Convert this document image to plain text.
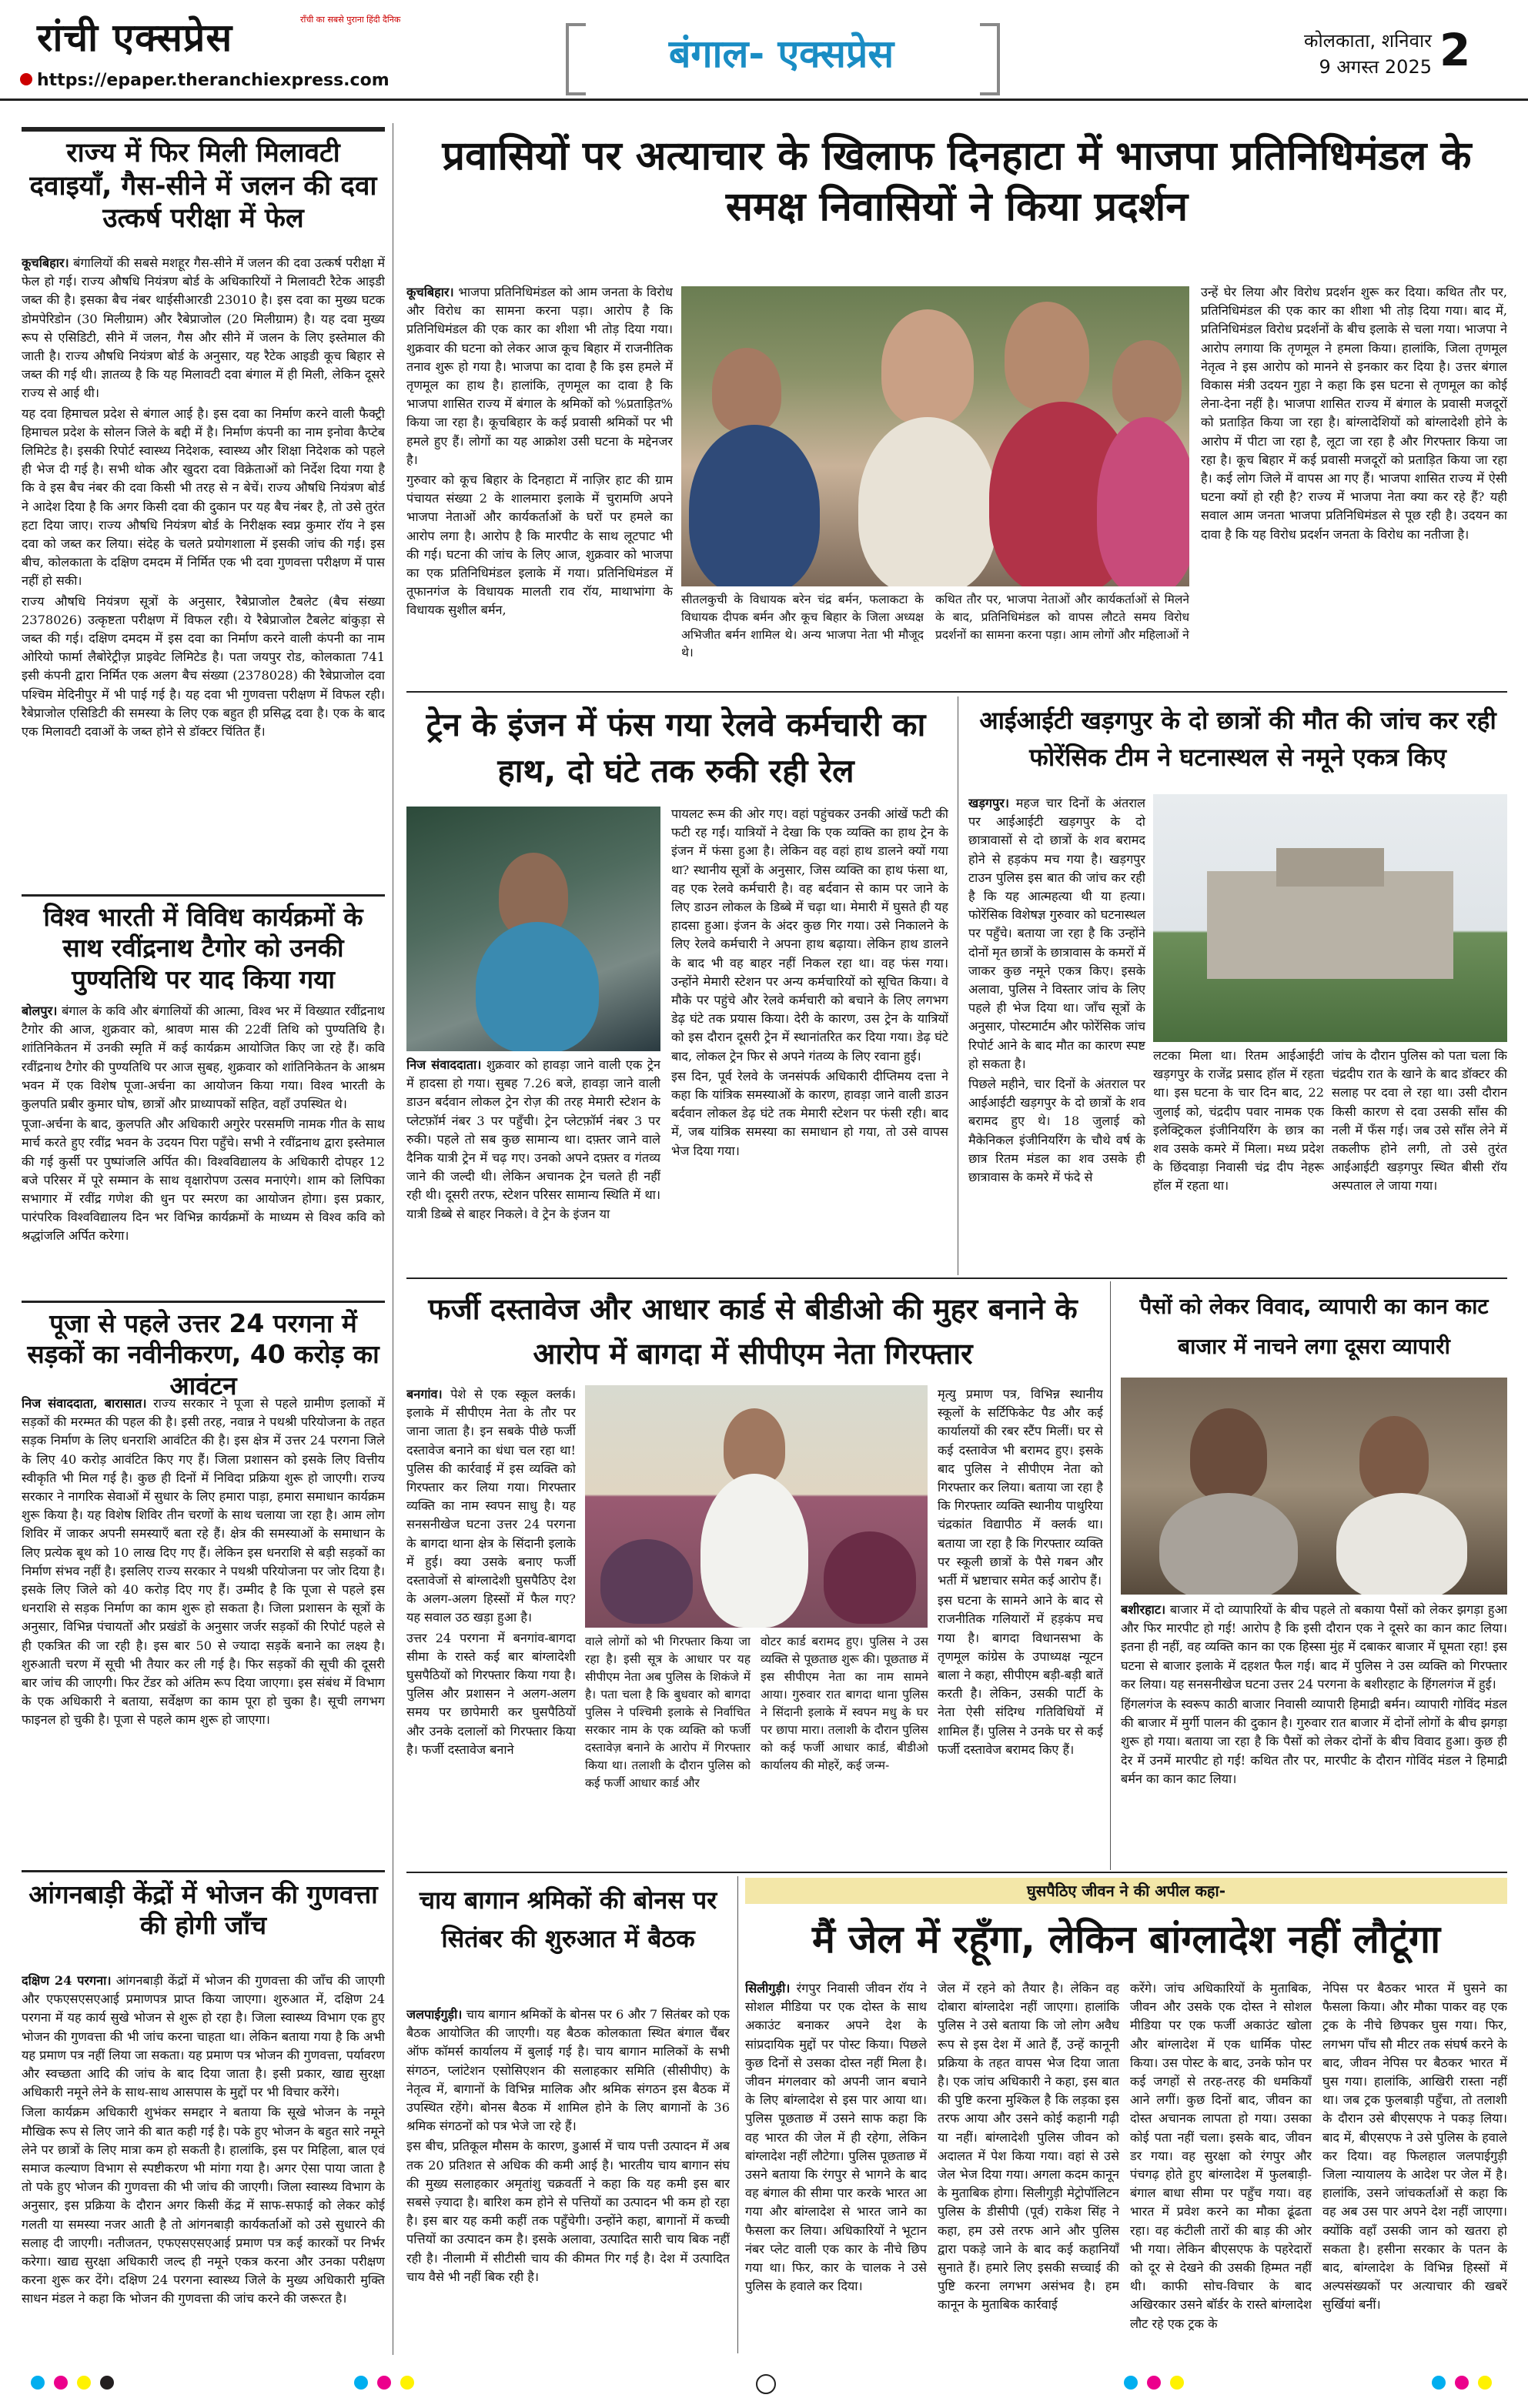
रांची एक्सप्रेस	राँची का सबसे पुराना हिंदी दैनिक
https://epaper.theranchiexpress.com
बंगाल- एक्सप्रेस	कोलकाता, शनिवार
9 अगस्त 2025 2
राज्य में फिर मिली मिलावटी दवाइयाँ, गैस-सीने में जलन की दवा उत्कर्ष परीक्षा में फेल

कूचबिहार। बंगालियों की सबसे मशहूर गैस-सीने में जलन की दवा उत्कर्ष परीक्षा में फेल हो गई। राज्य औषधि नियंत्रण बोर्ड के अधिकारियों ने मिलावटी रैटेक आइडी जब्त की है। इसका बैच नंबर थाईसीआरडी 23010 है। इस दवा का मुख्य घटक डोमपेरिडोन (30 मिलीग्राम) और रैबेप्राजोल (20 मिलीग्राम) है। यह दवा मुख्य रूप से एसिडिटी, सीने में जलन, गैस और सीने में जलन के लिए इस्तेमाल की जाती है। राज्य औषधि नियंत्रण बोर्ड के अनुसार, यह रैटेक आइडी कूच बिहार से जब्त की गई थी। ज्ञातव्य है कि यह मिलावटी दवा बंगाल में ही मिली, लेकिन दूसरे राज्य से आई थी।

यह दवा हिमाचल प्रदेश से बंगाल आई है। इस दवा का निर्माण करने वाली फैक्ट्री हिमाचल प्रदेश के सोलन जिले के बद्दी में है। निर्माण कंपनी का नाम इनोवा कैप्टेब लिमिटेड है। इसकी रिपोर्ट स्वास्थ्य निदेशक, स्वास्थ्य और शिक्षा निदेशक को पहले ही भेज दी गई है। सभी थोक और खुदरा दवा विक्रेताओं को निर्देश दिया गया है कि वे इस बैच नंबर की दवा किसी भी तरह से न बेचें। राज्य औषधि नियंत्रण बोर्ड ने आदेश दिया है कि अगर किसी दवा की दुकान पर यह बैच नंबर है, तो उसे तुरंत हटा दिया जाए। राज्य औषधि नियंत्रण बोर्ड के निरीक्षक स्वप्न कुमार रॉय ने इस दवा को जब्त कर लिया। संदेह के चलते प्रयोगशाला में इसकी जांच की गई। इस बीच, कोलकाता के दक्षिण दमदम में निर्मित एक भी दवा गुणवत्ता परीक्षण में पास नहीं हो सकी।

राज्य औषधि नियंत्रण सूत्रों के अनुसार, रैबेप्राजोल टैबलेट (बैच संख्या 2378026) उत्कृष्टता परीक्षण में विफल रही। ये रैबेप्राजोल टैबलेट बांकुड़ा से जब्त की गई। दक्षिण दमदम में इस दवा का निर्माण करने वाली कंपनी का नाम ओरियो फार्मा लैबोरेट्रीज़ प्राइवेट लिमिटेड है। पता जयपुर रोड, कोलकाता 741 इसी कंपनी द्वारा निर्मित एक अलग बैच संख्या (2378028) की रैबेप्राजोल दवा पश्चिम मेदिनीपुर में भी पाई गई है। यह दवा भी गुणवत्ता परीक्षण में विफल रही। रैबेप्राजोल एसिडिटी की समस्या के लिए एक बहुत ही प्रसिद्ध दवा है। एक के बाद एक मिलावटी दवाओं के जब्त होने से डॉक्टर चिंतित हैं।

विश्व भारती में विविध कार्यक्रमों के साथ रवींद्रनाथ टैगोर को उनकी पुण्यतिथि पर याद किया गया

बोलपुर। बंगाल के कवि और बंगालियों की आत्मा, विश्व भर में विख्यात रवींद्रनाथ टैगोर की आज, शुक्रवार को, श्रावण मास की 22वीं तिथि को पुण्यतिथि है। शांतिनिकेतन में उनकी स्मृति में कई कार्यक्रम आयोजित किए जा रहे हैं। कवि रवींद्रनाथ टैगोर की पुण्यतिथि पर आज सुबह, शुक्रवार को शांतिनिकेतन के आश्रम भवन में एक विशेष पूजा-अर्चना का आयोजन किया गया। विश्व भारती के कुलपति प्रबीर कुमार घोष, छात्रों और प्राध्यापकों सहित, वहाँ उपस्थित थे।

पूजा-अर्चना के बाद, कुलपति और अधिकारी अगुरेर परसमणि नामक गीत के साथ मार्च करते हुए रवींद्र भवन के उदयन पिरा पहुँचे। सभी ने रवींद्रनाथ द्वारा इस्तेमाल की गई कुर्सी पर पुष्पांजलि अर्पित की। विश्वविद्यालय के अधिकारी दोपहर 12 बजे परिसर में पूरे सम्मान के साथ वृक्षारोपण उत्सव मनाएंगे। शाम को लिपिका सभागार में रवींद्र गणेश की धुन पर स्मरण का आयोजन होगा। इस प्रकार, पारंपरिक विश्वविद्यालय दिन भर विभिन्न कार्यक्रमों के माध्यम से विश्व कवि को श्रद्धांजलि अर्पित करेगा।

पूजा से पहले उत्तर 24 परगना में सड़कों का नवीनीकरण, 40 करोड़ का आवंटन

निज संवाददाता, बारासात। राज्य सरकार ने पूजा से पहले ग्रामीण इलाकों में सड़कों की मरम्मत की पहल की है। इसी तरह, नवान्न ने पथश्री परियोजना के तहत सड़क निर्माण के लिए धनराशि आवंटित की है। इस क्षेत्र में उत्तर 24 परगना जिले के लिए 40 करोड़ आवंटित किए गए हैं। जिला प्रशासन को इसके लिए वित्तीय स्वीकृति भी मिल गई है। कुछ ही दिनों में निविदा प्रक्रिया शुरू हो जाएगी। राज्य सरकार ने नागरिक सेवाओं में सुधार के लिए हमारा पाड़ा, हमारा समाधान कार्यक्रम शुरू किया है। यह विशेष शिविर तीन चरणों के साथ चलाया जा रहा है। आम लोग शिविर में जाकर अपनी समस्याएँ बता रहे हैं। क्षेत्र की समस्याओं के समाधान के लिए प्रत्येक बूथ को 10 लाख दिए गए हैं। लेकिन इस धनराशि से बड़ी सड़कों का निर्माण संभव नहीं है। इसलिए राज्य सरकार ने पथश्री परियोजना पर जोर दिया है। इसके लिए जिले को 40 करोड़ दिए गए हैं। उम्मीद है कि पूजा से पहले इस धनराशि से सड़क निर्माण का काम शुरू हो सकता है। जिला प्रशासन के सूत्रों के अनुसार, विभिन्न पंचायतों और प्रखंडों के अनुसार जर्जर सड़कों की रिपोर्ट पहले से ही एकत्रित की जा रही है। इस बार 50 से ज्यादा सड़कें बनाने का लक्ष्य है। शुरुआती चरण में सूची भी तैयार कर ली गई है। फिर सड़कों की सूची की दूसरी बार जांच की जाएगी। फिर टेंडर को अंतिम रूप दिया जाएगा। इस संबंध में विभाग के एक अधिकारी ने बताया, सर्वेक्षण का काम पूरा हो चुका है। सूची लगभग फाइनल हो चुकी है। पूजा से पहले काम शुरू हो जाएगा।

आंगनबाड़ी केंद्रों में भोजन की गुणवत्ता की होगी जाँच

दक्षिण 24 परगना। आंगनबाड़ी केंद्रों में भोजन की गुणवत्ता की जाँच की जाएगी और एफएसएसएआई प्रमाणपत्र प्राप्त किया जाएगा। शुरुआत में, दक्षिण 24 परगना में यह कार्य सुखे भोजन से शुरू हो रहा है। जिला स्वास्थ्य विभाग एक हुए भोजन की गुणवत्ता की भी जांच करना चाहता था। लेकिन बताया गया है कि अभी यह प्रमाण पत्र नहीं लिया जा सकता। यह प्रमाण पत्र भोजन की गुणवत्ता, पर्यावरण और स्वच्छता आदि की जांच के बाद दिया जाता है। इसी प्रकार, खाद्य सुरक्षा अधिकारी नमूने लेने के साथ-साथ आसपास के मुद्दों पर भी विचार करेंगे।

जिला कार्यक्रम अधिकारी शुभंकर समद्दार ने बताया कि सूखे भोजन के नमूने मौखिक रूप से लिए जाने की बात कही गई है। पके हुए भोजन के बहुत सारे नमूने लेने पर छात्रों के लिए मात्रा कम हो सकती है। हालांकि, इस पर मिहिला, बाल एवं समाज कल्याण विभाग से स्पष्टीकरण भी मांगा गया है। अगर ऐसा पाया जाता है तो पके हुए भोजन की गुणवत्ता की भी जांच की जाएगी। जिला स्वास्थ्य विभाग के अनुसार, इस प्रक्रिया के दौरान अगर किसी केंद्र में साफ-सफाई को लेकर कोई गलती या समस्या नजर आती है तो आंगनबाड़ी कार्यकर्ताओं को उसे सुधारने की सलाह दी जाएगी। नतीजतन, एफएसएसएआई प्रमाण पत्र कई कारकों पर निर्भर करेगा। खाद्य सुरक्षा अधिकारी जल्द ही नमूने एकत्र करना और उनका परीक्षण करना शुरू कर देंगे। दक्षिण 24 परगना स्वास्थ्य जिले के मुख्य अधिकारी मुक्ति साधन मंडल ने कहा कि भोजन की गुणवत्ता की जांच करने की जरूरत है।

प्रवासियों पर अत्याचार के खिलाफ दिनहाटा में भाजपा प्रतिनिधिमंडल के समक्ष निवासियों ने किया प्रदर्शन

कूचबिहार। भाजपा प्रतिनिधिमंडल को आम जनता के विरोध और विरोध का सामना करना पड़ा। आरोप है कि प्रतिनिधिमंडल की एक कार का शीशा भी तोड़ दिया गया। शुक्रवार की घटना को लेकर आज कूच बिहार में राजनीतिक तनाव शुरू हो गया है। भाजपा का दावा है कि इस हमले में तृणमूल का हाथ है। हालांकि, तृणमूल का दावा है कि भाजपा शासित राज्य में बंगाल के श्रमिकों को %प्रताड़ित% किया जा रहा है। कूचबिहार के कई प्रवासी श्रमिकों पर भी हमले हुए हैं। लोगों का यह आक्रोश उसी घटना के मद्देनजर है।

गुरुवार को कूच बिहार के दिनहाटा में नाज़िर हाट की ग्राम पंचायत संख्या 2 के शालमारा इलाके में चुरामणि अपने भाजपा नेताओं और कार्यकर्ताओं के घरों पर हमले का आरोप लगा है। आरोप है कि मारपीट के साथ लूटपाट भी की गई। घटना की जांच के लिए आज, शुक्रवार को भाजपा का एक प्रतिनिधिमंडल इलाके में गया। प्रतिनिधिमंडल में तूफानगंज के विधायक मालती राव रॉय, माथाभांगा के विधायक सुशील बर्मन,

सीतलकुची के विधायक बरेन चंद्र बर्मन, फलाकटा के विधायक दीपक बर्मन और कूच बिहार के जिला अध्यक्ष अभिजीत बर्मन शामिल थे। अन्य भाजपा नेता भी मौजूद थे।
कथित तौर पर, भाजपा नेताओं और कार्यकर्ताओं से मिलने के बाद, प्रतिनिधिमंडल को वापस लौटते समय विरोध प्रदर्शनों का सामना करना पड़ा। आम लोगों और महिलाओं ने
उन्हें घेर लिया और विरोध प्रदर्शन शुरू कर दिया। कथित तौर पर, प्रतिनिधिमंडल की एक कार का शीशा भी तोड़ दिया गया। बाद में, प्रतिनिधिमंडल विरोध प्रदर्शनों के बीच इलाके से चला गया। भाजपा ने आरोप लगाया कि तृणमूल ने हमला किया। हालांकि, जिला तृणमूल नेतृत्व ने इस आरोप को मानने से इनकार कर दिया है। उत्तर बंगाल विकास मंत्री उदयन गुहा ने कहा कि इस घटना से तृणमूल का कोई लेना-देना नहीं है। भाजपा शासित राज्य में बंगाल के प्रवासी मजदूरों को प्रताड़ित किया जा रहा है। बांग्लादेशियों को बांग्लादेशी होने के आरोप में पीटा जा रहा है, लूटा जा रहा है और गिरफ्तार किया जा रहा है। कूच बिहार में कई प्रवासी मजदूरों को प्रताड़ित किया जा रहा है। कई लोग जिले में वापस आ गए हैं। भाजपा शासित राज्य में ऐसी घटना क्यों हो रही है? राज्य में भाजपा नेता क्या कर रहे हैं? यही सवाल आम जनता भाजपा प्रतिनिधिमंडल से पूछ रही है। उदयन का दावा है कि यह विरोध प्रदर्शन जनता के विरोध का नतीजा है।
ट्रेन के इंजन में फंस गया रेलवे कर्मचारी का हाथ, दो घंटे तक रुकी रही रेल

निज संवाददाता। शुक्रवार को हावड़ा जाने वाली एक ट्रेन में हादसा हो गया। सुबह 7.26 बजे, हावड़ा जाने वाली डाउन बर्दवान लोकल ट्रेन रोज़ की तरह मेमारी स्टेशन के प्लेटफ़ॉर्म नंबर 3 पर पहुँची। ट्रेन प्लेटफ़ॉर्म नंबर 3 पर रुकी। पहले तो सब कुछ सामान्य था। दफ़्तर जाने वाले दैनिक यात्री ट्रेन में चढ़ गए। उनको अपने दफ़्तर व गंतव्य जाने की जल्दी थी। लेकिन अचानक ट्रेन चलते ही नहीं रही थी। दूसरी तरफ, स्टेशन परिसर सामान्य स्थिति में था। यात्री डिब्बे से बाहर निकले। वे ट्रेन के इंजन या

पायलट रूम की ओर गए। वहां पहुंचकर उनकी आंखें फटी की फटी रह गईं। यात्रियों ने देखा कि एक व्यक्ति का हाथ ट्रेन के इंजन में फंसा हुआ है। लेकिन वह वहां हाथ डालने क्यों गया था? स्थानीय सूत्रों के अनुसार, जिस व्यक्ति का हाथ फंसा था, वह एक रेलवे कर्मचारी है। वह बर्दवान से काम पर जाने के लिए डाउन लोकल के डिब्बे में चढ़ा था। मेमारी में घुसते ही यह हादसा हुआ। इंजन के अंदर कुछ गिर गया। उसे निकालने के लिए रेलवे कर्मचारी ने अपना हाथ बढ़ाया। लेकिन हाथ डालने के बाद भी वह बाहर नहीं निकल रहा था। वह फंस गया। उन्होंने मेमारी स्टेशन पर अन्य कर्मचारियों को सूचित किया। वे मौके पर पहुंचे और रेलवे कर्मचारी को बचाने के लिए लगभग डेढ़ घंटे तक प्रयास किया। देरी के कारण, उस ट्रेन के यात्रियों को इस दौरान दूसरी ट्रेन में स्थानांतरित कर दिया गया। डेढ़ घंटे बाद, लोकल ट्रेन फिर से अपने गंतव्य के लिए रवाना हुई।

इस दिन, पूर्व रेलवे के जनसंपर्क अधिकारी दीप्तिमय दत्ता ने कहा कि यांत्रिक समस्याओं के कारण, हावड़ा जाने वाली डाउन बर्दवान लोकल डेढ़ घंटे तक मेमारी स्टेशन पर फंसी रही। बाद में, जब यांत्रिक समस्या का समाधान हो गया, तो उसे वापस भेज दिया गया।

आईआईटी खड़गपुर के दो छात्रों की मौत की जांच कर रही फोरेंसिक टीम ने घटनास्थल से नमूने एकत्र किए

खड़गपुर। महज चार दिनों के अंतराल पर आईआईटी खड़गपुर के दो छात्रावासों से दो छात्रों के शव बरामद होने से हड़कंप मच गया है। खड़गपुर टाउन पुलिस इस बात की जांच कर रही है कि यह आत्महत्या थी या हत्या। फोरेंसिक विशेषज्ञ गुरुवार को घटनास्थल पर पहुँचे। बताया जा रहा है कि उन्होंने दोनों मृत छात्रों के छात्रावास के कमरों में जाकर कुछ नमूने एकत्र किए। इसके अलावा, पुलिस ने विस्तार जांच के लिए पहले ही भेज दिया था। जाँच सूत्रों के अनुसार, पोस्टमार्टम और फोरेंसिक जांच रिपोर्ट आने के बाद मौत का कारण स्पष्ट हो सकता है।

पिछले महीने, चार दिनों के अंतराल पर आईआईटी खड़गपुर के दो छात्रों के शव बरामद हुए थे। 18 जुलाई को मैकेनिकल इंजीनियरिंग के चौथे वर्ष के छात्र रितम मंडल का शव उसके ही छात्रावास के कमरे में फंदे से

लटका मिला था। रितम आईआईटी खड़गपुर के राजेंद्र प्रसाद हॉल में रहता था। इस घटना के चार दिन बाद, 22 जुलाई को, चंद्रदीप पवार नामक एक इलेक्ट्रिकल इंजीनियरिंग के छात्र का शव उसके कमरे में मिला। मध्य प्रदेश के छिंदवाड़ा निवासी चंद्र दीप नेहरू हॉल में रहता था।
जांच के दौरान पुलिस को पता चला कि चंद्रदीप रात के खाने के बाद डॉक्टर की सलाह पर दवा ले रहा था। उसी दौरान किसी कारण से दवा उसकी साँस की नली में फँस गई। जब उसे साँस लेने में तकलीफ होने लगी, तो उसे तुरंत आईआईटी खड़गपुर स्थित बीसी रॉय अस्पताल ले जाया गया।
फर्जी दस्तावेज और आधार कार्ड से बीडीओ की मुहर बनाने के आरोप में बागदा में सीपीएम नेता गिरफ्तार

बनगांव। पेशे से एक स्कूल क्लर्क। इलाके में सीपीएम नेता के तौर पर जाना जाता है। इन सबके पीछे फर्जी दस्तावेज बनाने का धंधा चल रहा था! पुलिस की कार्रवाई में इस व्यक्ति को गिरफ्तार कर लिया गया। गिरफ्तार व्यक्ति का नाम स्वपन साधु है। यह सनसनीखेज घटना उत्तर 24 परगना के बागदा थाना क्षेत्र के सिंदानी इलाके में हुई। क्या उसके बनाए फर्जी दस्तावेजों से बांग्लादेशी घुसपैठिए देश के अलग-अलग हिस्सों में फैल गए? यह सवाल उठ खड़ा हुआ है।

उत्तर 24 परगना में बनगांव-बागदा सीमा के रास्ते कई बार बांग्लादेशी घुसपैठियों को गिरफ्तार किया गया है। पुलिस और प्रशासन ने अलग-अलग समय पर छापेमारी कर घुसपैठियों और उनके दलालों को गिरफ्तार किया है। फर्जी दस्तावेज बनाने

वाले लोगों को भी गिरफ्तार किया जा रहा है। इसी सूत्र के आधार पर यह सीपीएम नेता अब पुलिस के शिकंजे में है। पता चला है कि बुधवार को बागदा पुलिस ने पश्चिमी इलाके से निर्वाचित सरकार नाम के एक व्यक्ति को फर्जी दस्तावेज़ बनाने के आरोप में गिरफ्तार किया था। तलाशी के दौरान पुलिस को कई फर्जी आधार कार्ड और
वोटर कार्ड बरामद हुए। पुलिस ने उस व्यक्ति से पूछताछ शुरू की। पूछताछ में इस सीपीएम नेता का नाम सामने आया। गुरुवार रात बागदा थाना पुलिस ने सिंदानी इलाके में स्वपन मधु के घर पर छापा मारा। तलाशी के दौरान पुलिस को कई फर्जी आधार कार्ड, बीडीओ कार्यालय की मोहरें, कई जन्म-

मृत्यु प्रमाण पत्र, विभिन्न स्थानीय स्कूलों के सर्टिफिकेट पैड और कई कार्यालयों की रबर स्टैंप मिलीं। घर से कई दस्तावेज भी बरामद हुए। इसके बाद पुलिस ने सीपीएम नेता को गिरफ्तार कर लिया। बताया जा रहा है कि गिरफ्तार व्यक्ति स्थानीय पाथुरिया चंद्रकांत विद्यापीठ में क्लर्क था। बताया जा रहा है कि गिरफ्तार व्यक्ति पर स्कूली छात्रों के पैसे गबन और भर्ती में भ्रष्टाचार समेत कई आरोप हैं।

इस घटना के सामने आने के बाद से राजनीतिक गलियारों में हड़कंप मच गया है। बागदा विधानसभा के तृणमूल कांग्रेस के उपाध्यक्ष न्यूटन बाला ने कहा, सीपीएम बड़ी-बड़ी बातें करती है। लेकिन, उसकी पार्टी के नेता ऐसी संदिग्ध गतिविधियों में शामिल हैं। पुलिस ने उनके घर से कई फर्जी दस्तावेज बरामद किए हैं।

पैसों को लेकर विवाद, व्यापारी का कान काट बाजार में नाचने लगा दूसरा व्यापारी

बशीरहाट। बाजार में दो व्यापारियों के बीच पहले तो बकाया पैसों को लेकर झगड़ा हुआ और फिर मारपीट हो गई! आरोप है कि इसी दौरान एक ने दूसरे का कान काट लिया। इतना ही नहीं, वह व्यक्ति कान का एक हिस्सा मुंह में दबाकर बाजार में घूमता रहा! इस घटना से बाजार इलाके में दहशत फैल गई। बाद में पुलिस ने उस व्यक्ति को गिरफ्तार कर लिया। यह सनसनीखेज घटना उत्तर 24 परगना के बशीरहाट के हिंगलगंज में हुई।

हिंगलगंज के स्वरूप काठी बाजार निवासी व्यापारी हिमाद्री बर्मन। व्यापारी गोविंद मंडल की बाजार में मुर्गी पालन की दुकान है। गुरुवार रात बाजार में दोनों लोगों के बीच झगड़ा शुरू हो गया। बताया जा रहा है कि पैसों को लेकर दोनों के बीच विवाद हुआ। कुछ ही देर में उनमें मारपीट हो गई! कथित तौर पर, मारपीट के दौरान गोविंद मंडल ने हिमाद्री बर्मन का कान काट लिया।

चाय बागान श्रमिकों की बोनस पर सितंबर की शुरुआत में बैठक

जलपाईगुड़ी। चाय बागान श्रमिकों के बोनस पर 6 और 7 सितंबर को एक बैठक आयोजित की जाएगी। यह बैठक कोलकाता स्थित बंगाल चैंबर ऑफ कॉमर्स कार्यालय में बुलाई गई है। चाय बागान मालिकों के सभी संगठन, प्लांटेशन एसोसिएशन की सलाहकार समिति (सीसीपीए) के नेतृत्व में, बागानों के विभिन्न मालिक और श्रमिक संगठन इस बैठक में उपस्थित रहेंगे। बोनस बैठक में शामिल होने के लिए बागानों के 36 श्रमिक संगठनों को पत्र भेजे जा रहे हैं।

इस बीच, प्रतिकूल मौसम के कारण, डुआर्स में चाय पत्ती उत्पादन में अब तक 20 प्रतिशत से अधिक की कमी आई है। भारतीय चाय बागान संघ की मुख्य सलाहकार अमृतांशु चक्रवर्ती ने कहा कि यह कमी इस बार सबसे ज़्यादा है। बारिश कम होने से पत्तियों का उत्पादन भी कम हो रहा है। इस बार यह कमी कहीं तक पहुँचेगी। उन्होंने कहा, बागानों में कच्ची पत्तियों का उत्पादन कम है। इसके अलावा, उत्पादित सारी चाय बिक नहीं रही है। नीलामी में सीटीसी चाय की कीमत गिर गई है। देश में उत्पादित चाय वैसे भी नहीं बिक रही है।

घुसपैठिए जीवन ने की अपील कहा-
मैं जेल में रहूँगा, लेकिन बांग्लादेश नहीं लौटूंगा

सिलीगुड़ी। रंगपुर निवासी जीवन रॉय ने सोशल मीडिया पर एक दोस्त के साथ अकाउंट बनाकर अपने देश के सांप्रदायिक मुद्दों पर पोस्ट किया। पिछले कुछ दिनों से उसका दोस्त नहीं मिला है। जीवन मंगलवार को अपनी जान बचाने के लिए बांग्लादेश से इस पार आया था। पुलिस पूछताछ में उसने साफ कहा कि वह भारत की जेल में ही रहेगा, लेकिन बांग्लादेश नहीं लौटेगा। पुलिस पूछताछ में उसने बताया कि रंगपुर से भागने के बाद वह बंगाल की सीमा पार करके भारत आ गया और बांग्लादेश से भारत जाने का फैसला कर लिया। अधिकारियों ने भूटान नंबर प्लेट वाली एक कार के नीचे छिप गया था। फिर, कार के चालक ने उसे पुलिस के हवाले कर दिया।

जेल में रहने को तैयार है। लेकिन वह दोबारा बांग्लादेश नहीं जाएगा। हालांकि पुलिस ने उसे बताया कि जो लोग अवैध रूप से इस देश में आते हैं, उन्हें कानूनी प्रक्रिया के तहत वापस भेज दिया जाता है। एक जांच अधिकारी ने कहा, इस बात की पुष्टि करना मुश्किल है कि लड़का इस तरफ आया और उसने कोई कहानी गढ़ी या नहीं। बांग्लादेशी पुलिस जीवन को अदालत में पेश किया गया। वहां से उसे जेल भेज दिया गया। अगला कदम कानून के मुताबिक होगा। सिलीगुड़ी मेट्रोपॉलिटन पुलिस के डीसीपी (पूर्व) राकेश सिंह ने कहा, हम उसे तरफ आने और पुलिस द्वारा पकड़े जाने के बाद कई कहानियाँ सुनाते हैं। हमारे लिए इसकी सच्चाई की पुष्टि करना लगभग असंभव है। हम कानून के मुताबिक कार्रवाई
करेंगे। जांच अधिकारियों के मुताबिक, जीवन और उसके एक दोस्त ने सोशल मीडिया पर एक फर्जी अकाउंट खोला और बांग्लादेश में एक धार्मिक पोस्ट किया। उस पोस्ट के बाद, उनके फोन पर कई जगहों से तरह-तरह की धमकियाँ आने लगीं। कुछ दिनों बाद, जीवन का दोस्त अचानक लापता हो गया। उसका कोई पता नहीं चला। इसके बाद, जीवन डर गया। वह सुरक्षा को रंगपुर और पंचगढ़ होते हुए बांग्लादेश में फुलबाड़ी-बंगाल बाधा सीमा पर पहुँच गया। वह भारत में प्रवेश करने का मौका ढूंढता रहा। वह कंटीली तारों की बाड़ की ओर भी गया। लेकिन बीएसएफ के पहरेदारों को दूर से देखने की उसकी हिम्मत नहीं थी। काफी सोच-विचार के बाद अखिरकार उसने बॉर्डर के रास्ते बांग्लादेश लौट रहे एक ट्रक के
नेपिस पर बैठकर भारत में घुसने का फैसला किया। और मौका पाकर वह एक ट्रक के नीचे छिपकर घुस गया। फिर, लगभग पाँच सौ मीटर तक संघर्ष करने के बाद, जीवन नेपिस पर बैठकर भारत में घुस गया। हालांकि, आखिरी रास्ता नहीं था। जब ट्रक फुलबाड़ी पहुँचा, तो तलाशी के दौरान उसे बीएसएफ ने पकड़ लिया। बाद में, बीएसएफ ने उसे पुलिस के हवाले कर दिया। वह फिलहाल जलपाईगुड़ी जिला न्यायालय के आदेश पर जेल में है। हालांकि, उसने जांचकर्ताओं से कहा कि वह अब उस पार अपने देश नहीं जाएगा। क्योंकि वहाँ उसकी जान को खतरा हो सकता है। हसीना सरकार के पतन के बाद, बांग्लादेश के विभिन्न हिस्सों में अल्पसंख्यकों पर अत्याचार की खबरें सुर्खियां बनीं।
